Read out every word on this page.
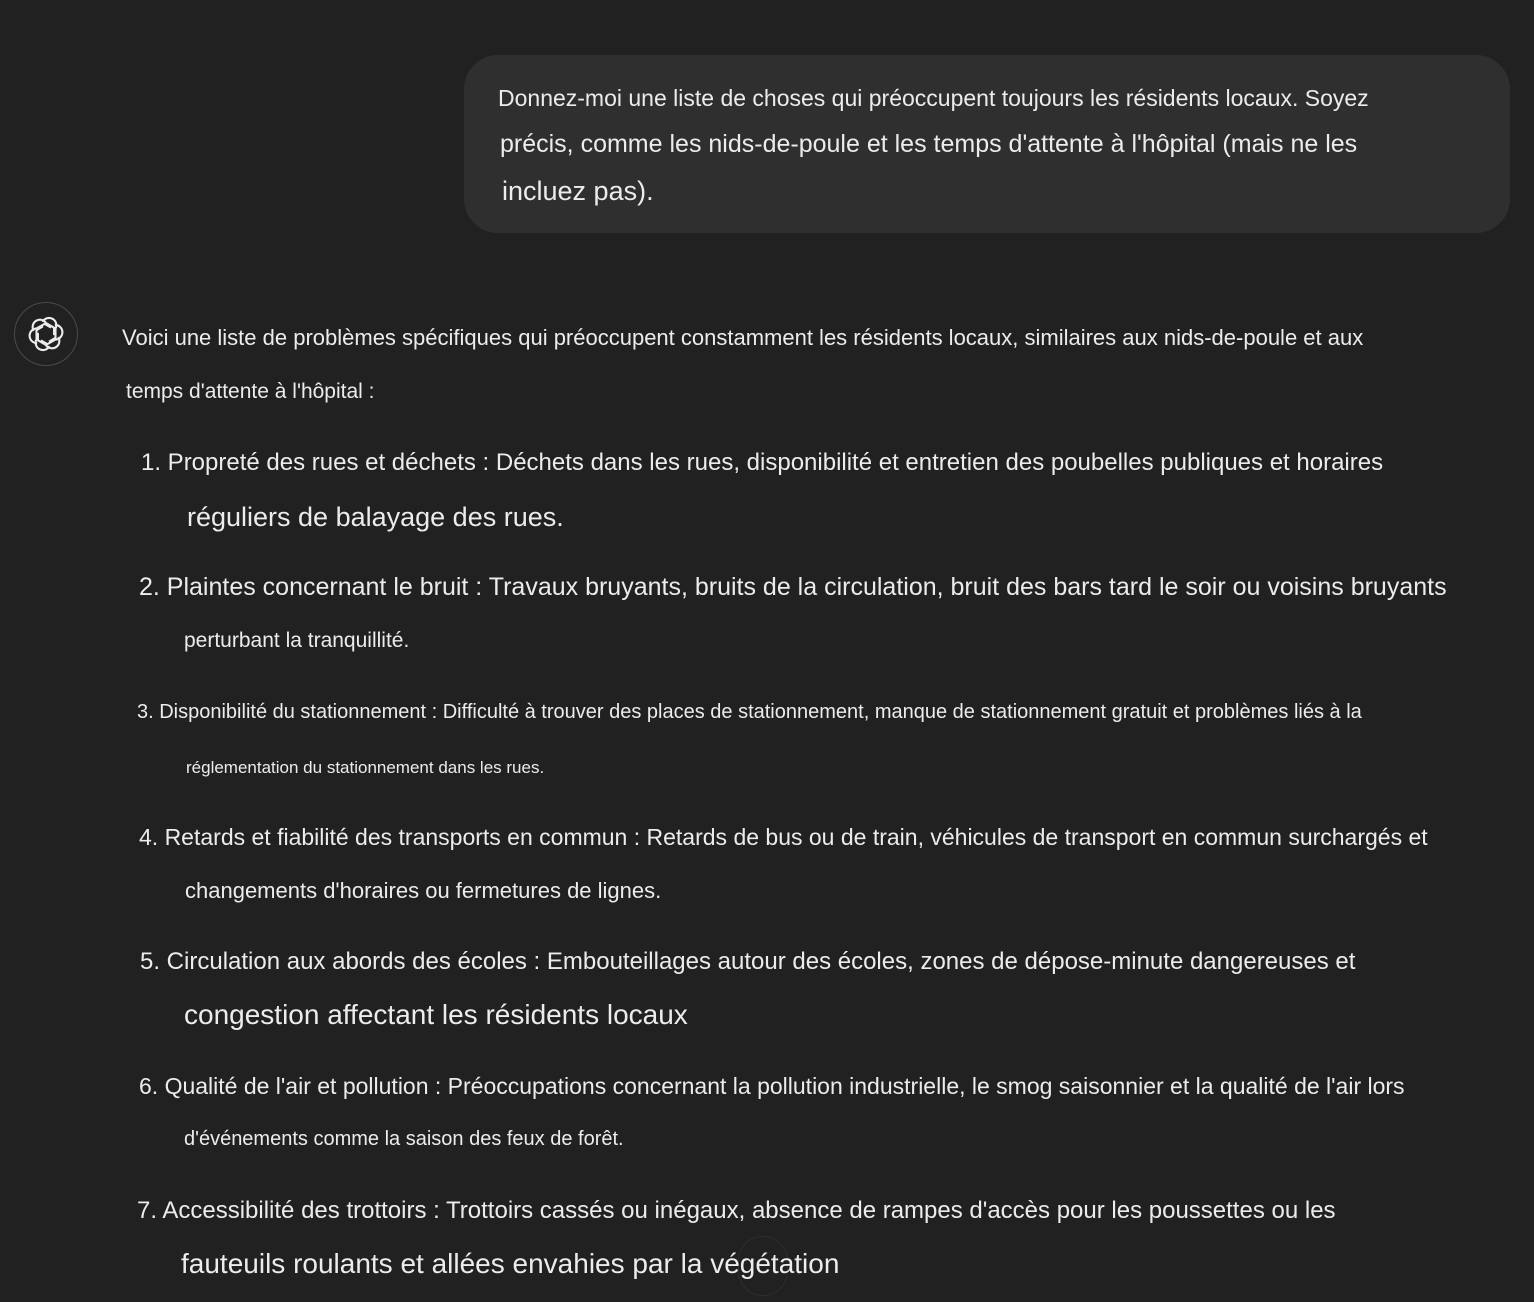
Donnez-moi une liste de choses qui préoccupent toujours les résidents locaux. Soyez
précis, comme les nids-de-poule et les temps d'attente à l'hôpital (mais ne les
incluez pas).
Voici une liste de problèmes spécifiques qui préoccupent constamment les résidents locaux, similaires aux nids-de-poule et aux
temps d'attente à l'hôpital :
1. Propreté des rues et déchets : Déchets dans les rues, disponibilité et entretien des poubelles publiques et horaires
réguliers de balayage des rues.
2. Plaintes concernant le bruit : Travaux bruyants, bruits de la circulation, bruit des bars tard le soir ou voisins bruyants
perturbant la tranquillité.
3. Disponibilité du stationnement : Difficulté à trouver des places de stationnement, manque de stationnement gratuit et problèmes liés à la
réglementation du stationnement dans les rues.
4. Retards et fiabilité des transports en commun : Retards de bus ou de train, véhicules de transport en commun surchargés et
changements d'horaires ou fermetures de lignes.
5. Circulation aux abords des écoles : Embouteillages autour des écoles, zones de dépose-minute dangereuses et
congestion affectant les résidents locaux
6. Qualité de l'air et pollution : Préoccupations concernant la pollution industrielle, le smog saisonnier et la qualité de l'air lors
d'événements comme la saison des feux de forêt.
7. Accessibilité des trottoirs : Trottoirs cassés ou inégaux, absence de rampes d'accès pour les poussettes ou les
fauteuils roulants et allées envahies par la végétation
